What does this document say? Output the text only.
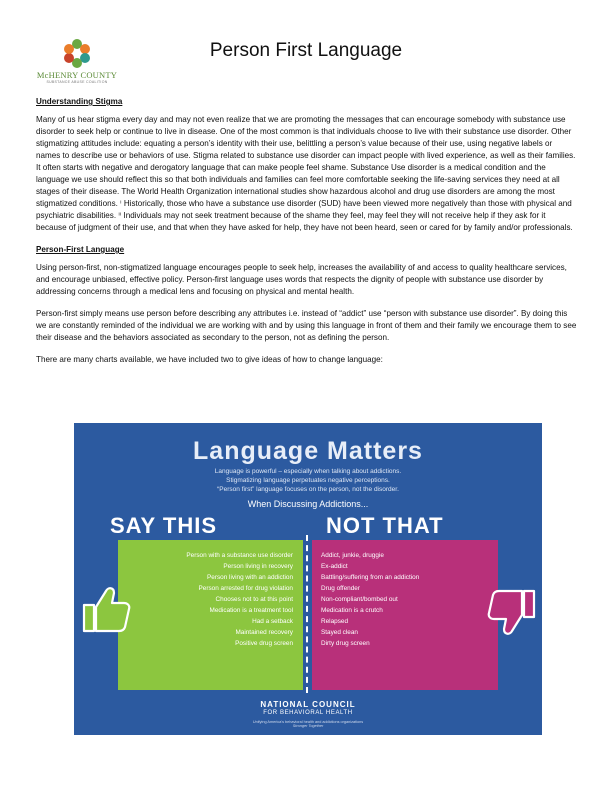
McHENRY COUNTY
SUBSTANCE ABUSE COALITION
Person First Language
Understanding Stigma

Many of us hear stigma every day and may not even realize that we are promoting the messages that can encourage somebody with substance use disorder to seek help or continue to live in disease. One of the most common is that individuals choose to live with their substance use disorder. Other stigmatizing attitudes include: equating a person’s identity with their use, belittling a person’s value because of their use, using negative labels or names to describe use or behaviors of use. Stigma related to substance use disorder can impact people with lived experience, as well as their families. It often starts with negative and derogatory language that can make people feel shame. Substance Use disorder is a medical condition and the language we use should reflect this so that both individuals and families can feel more comfortable seeking the life-saving services they need at all stages of their disease. The World Health Organization international studies show hazardous alcohol and drug use disorders are among the most stigmatized conditions. ⁱ Historically, those who have a substance use disorder (SUD) have been viewed more negatively than those with physical and psychiatric disabilities. ⁱⁱ Individuals may not seek treatment because of the shame they feel, may feel they will not receive help if they ask for it because of judgment of their use, and that when they have asked for help, they have not been heard, seen or cared for by family and/or professionals.

Person-First Language

Using person-first, non-stigmatized language encourages people to seek help, increases the availability of and access to quality healthcare services, and encourage unbiased, effective policy. Person-first language uses words that respects the dignity of people with substance use disorder by addressing concerns through a medical lens and focusing on physical and mental health.

Person-first simply means use person before describing any attributes i.e. instead of “addict” use “person with substance use disorder”. By doing this we are constantly reminded of the individual we are working with and by using this language in front of them and their family we encourage them to see their disease and the behaviors associated as secondary to the person, not as defining the person.

There are many charts available, we have included two to give ideas of how to change language:

Language Matters
Language is powerful – especially when talking about addictions.
Stigmatizing language perpetuates negative perceptions.
“Person first” language focuses on the person, not the disorder.
When Discussing Addictions...
SAY THIS	NOT THAT
Person with a substance use disorder
Person living in recovery
Person living with an addiction
Person arrested for drug violation
Chooses not to at this point
Medication is a treatment tool
Had a setback
Maintained recovery
Positive drug screen
Addict, junkie, druggie
Ex-addict
Battling/suffering from an addiction
Drug offender
Non-compliant/bombed out
Medication is a crutch
Relapsed
Stayed clean
Dirty drug screen
NATIONAL COUNCIL
FOR BEHAVIORAL HEALTH
Unifying America's behavioral health and addictions organizations
Stronger Together
